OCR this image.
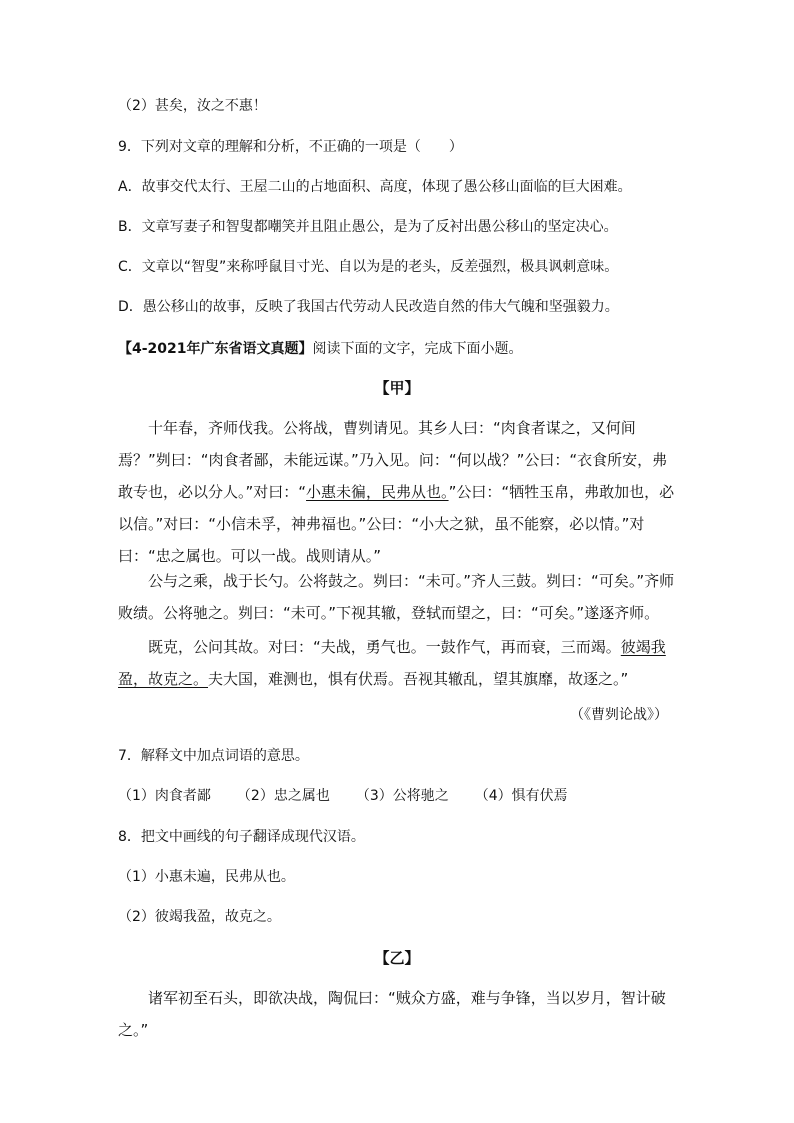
（2）甚矣，汝之不惠！
9．下列对文章的理解和分析，不正确的一项是（　　）
A．故事交代太行、王屋二山的占地面积、高度，体现了愚公移山面临的巨大困难。
B．文章写妻子和智叟都嘲笑并且阻止愚公，是为了反衬出愚公移山的坚定决心。
C．文章以“智叟”来称呼鼠目寸光、自以为是的老头，反差强烈，极具讽刺意味。
D．愚公移山的故事，反映了我国古代劳动人民改造自然的伟大气魄和坚强毅力。
【4-2021年广东省语文真题】阅读下面的文字，完成下面小题。
【甲】
十年春，齐师伐我。公将战，曹刿请见。其乡人曰：“肉食者谋之，又何间焉？”刿曰：“肉食者鄙，未能远谋。”乃入见。问：“何以战？”公曰：“衣食所安，弗敢专也，必以分人。”对曰：“小惠未徧，民弗从也。”公曰：“牺牲玉帛，弗敢加也，必以信。”对曰：“小信未孚，神弗福也。”公曰：“小大之狱，虽不能察，必以情。”对曰：“忠之属也。可以一战。战则请从。”
公与之乘，战于长勺。公将鼓之。刿曰：“未可。”齐人三鼓。刿曰：“可矣。”齐师败绩。公将驰之。刿曰：“未可。”下视其辙，登轼而望之，曰：“可矣。”遂逐齐师。
既克，公问其故。对曰：“夫战，勇气也。一鼓作气，再而衰，三而竭。彼竭我盈，故克之。夫大国，难测也，惧有伏焉。吾视其辙乱，望其旗靡，故逐之。”
（《曹刿论战》）
7．解释文中加点词语的意思。
（1）肉食者鄙 （2）忠之属也 （3）公将驰之 （4）惧有伏焉
8．把文中画线的句子翻译成现代汉语。
（1）小惠未遍，民弗从也。
（2）彼竭我盈，故克之。
【乙】
诸军初至石头，即欲决战，陶侃曰：“贼众方盛，难与争锋，当以岁月，智计破之。”
